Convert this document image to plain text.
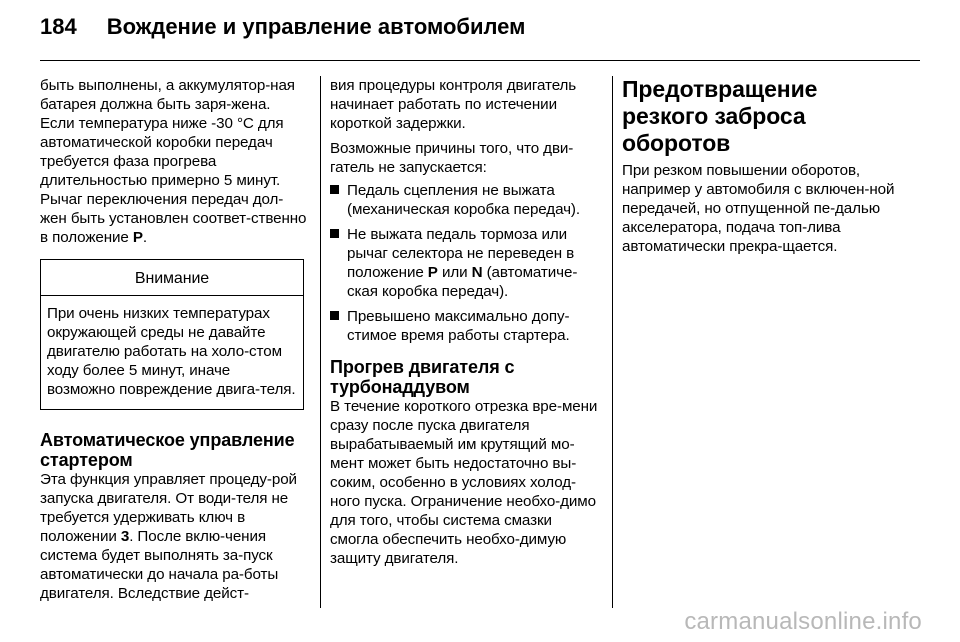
184 Вождение и управление автомобилем

быть выполнены, а аккумулятор-ная батарея должна быть заря-жена. Если температура ниже -30 °С для автоматической коробки передач требуется фаза прогрева длительностью примерно 5 минут. Рычаг переключения передач дол-жен быть установлен соответ-ственно в положение P.

Внимание
При очень низких температурах окружающей среды не давайте двигателю работать на холо-стом ходу более 5 минут, иначе возможно повреждение двига-теля.
Автоматическое управление стартером

Эта функция управляет процеду-рой запуска двигателя. От води-теля не требуется удерживать ключ в положении 3. После вклю-чения система будет выполнять за-пуск автоматически до начала ра-боты двигателя. Вследствие дейст-

вия процедуры контроля двигатель начинает работать по истечении короткой задержки.

Возможные причины того, что дви-гатель не запускается:

Педаль сцепления не выжата (механическая коробка передач).
Не выжата педаль тормоза или рычаг селектора не переведен в положение P или N (автоматиче-ская коробка передач).
Превышено максимально допу-стимое время работы стартера.
Прогрев двигателя с турбонаддувом

В течение короткого отрезка вре-мени сразу после пуска двигателя вырабатываемый им крутящий мо-мент может быть недостаточно вы-соким, особенно в условиях холод-ного пуска. Ограничение необхо-димо для того, чтобы система смазки смогла обеспечить необхо-димую защиту двигателя.

Предотвращение резкого заброса оборотов

При резком повышении оборотов, например у автомобиля с включен-ной передачей, но отпущенной пе-далью акселератора, подача топ-лива автоматически прекра-щается.

carmanualsonline.info
